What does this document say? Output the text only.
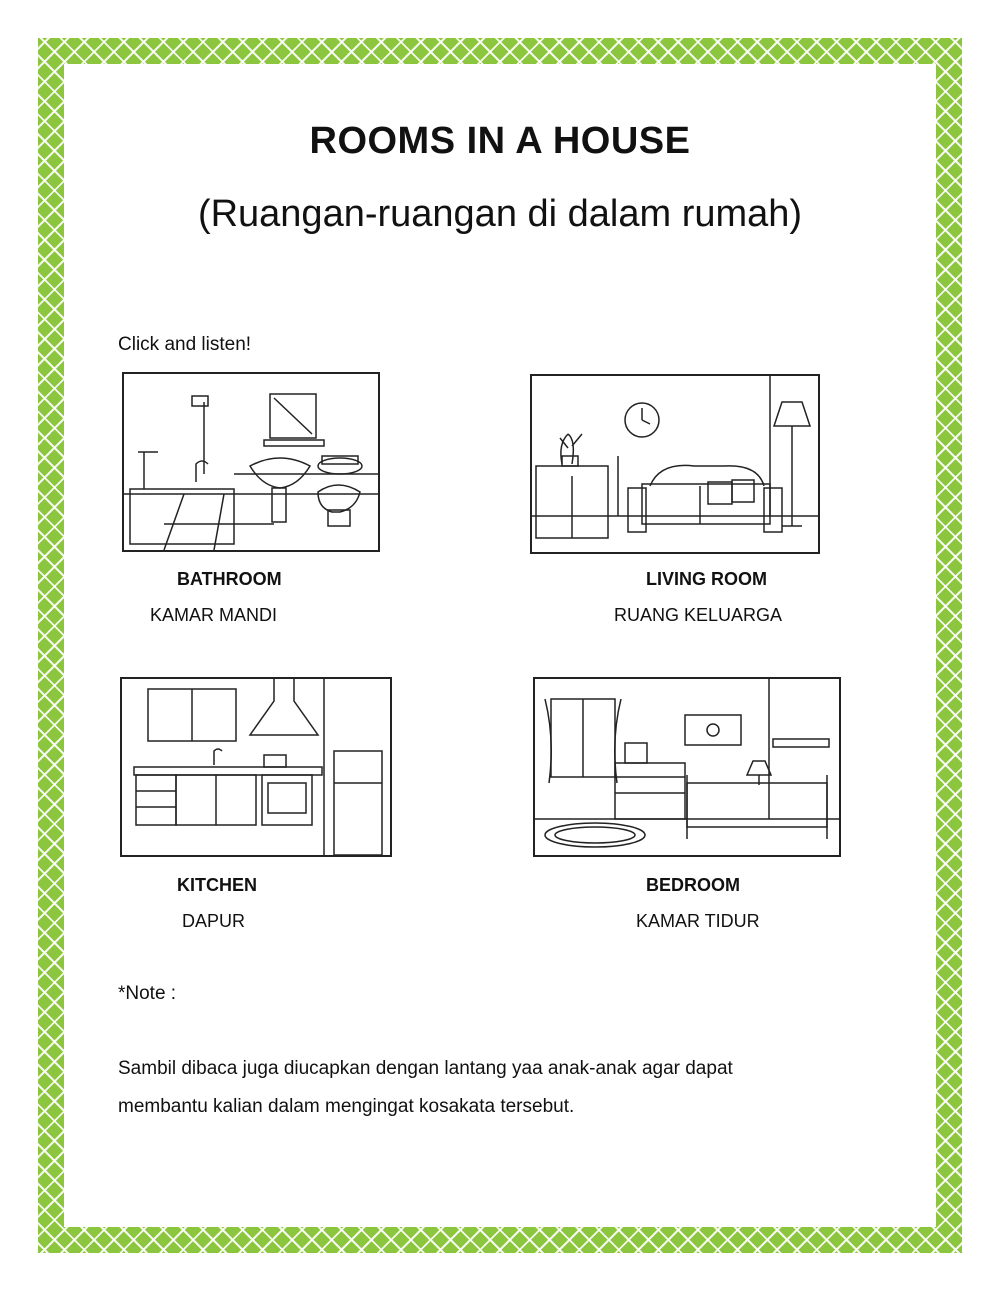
ROOMS IN A HOUSE
(Ruangan-ruangan di dalam rumah)
Click and listen!
BATHROOM
KAMAR MANDI
LIVING ROOM
RUANG KELUARGA
KITCHEN
DAPUR
BEDROOM
KAMAR TIDUR
*Note :
Sambil dibaca juga diucapkan dengan lantang yaa anak-anak agar dapat
membantu kalian dalam mengingat kosakata tersebut.
